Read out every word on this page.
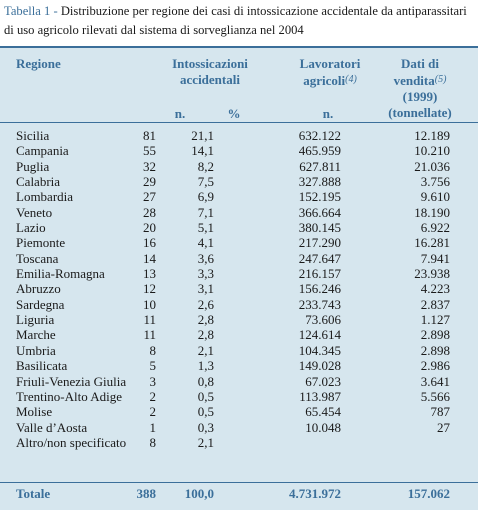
Tabella 1 - Distribuzione per regione dei casi di intossicazione accidentale da antiparassitari di uso agricolo rilevati dal sistema di sorveglianza nel 2004
Regione	Intossicazioni
accidentali
Lavoratori
agricoli$^{(4)}$
Dati di
vendita$^{(5)}$
(1999)
(tonnellate)
n.	%	n.
Sicilia	81	21,1	632.122	12.189
Campania	55	14,1	465.959	10.210
Puglia	32	8,2	627.811	21.036
Calabria	29	7,5	327.888	3.756
Lombardia	27	6,9	152.195	9.610
Veneto	28	7,1	366.664	18.190
Lazio	20	5,1	380.145	6.922
Piemonte	16	4,1	217.290	16.281
Toscana	14	3,6	247.647	7.941
Emilia-Romagna	13	3,3	216.157	23.938
Abruzzo	12	3,1	156.246	4.223
Sardegna	10	2,6	233.743	2.837
Liguria	11	2,8	73.606	1.127
Marche	11	2,8	124.614	2.898
Umbria	8	2,1	104.345	2.898
Basilicata	5	1,3	149.028	2.986
Friuli-Venezia Giulia 3	0,8	67.023	3.641
Trentino-Alto Adige 2	0,5	113.987	5.566
Molise	2	0,5	65.454	787
Valle d’Aosta	1	0,3	10.048	27
Altro/non specificato 8	2,1
Totale	388 100,0	4.731.972	157.062
